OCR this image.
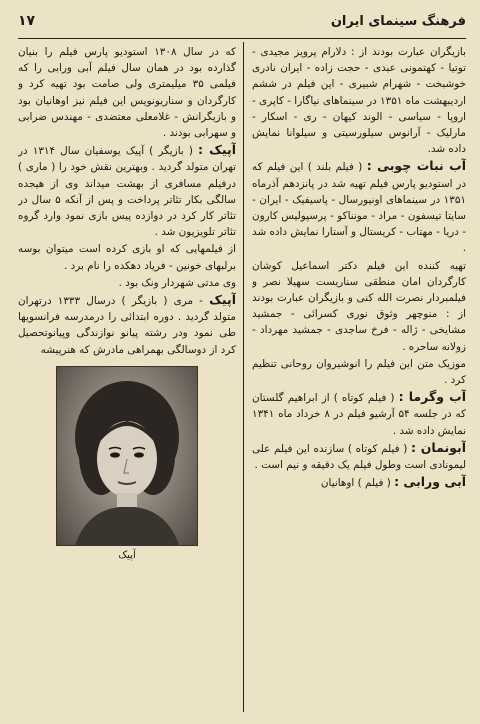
فرهنگ سینمای ایران
۱۷

بازیگران عبارت بودند از : دلارام پرویز مجیدی - توتیا - کهتمونی عبدی - حجت زاده - ایران نادری خوشبخت - شهرام شبیری - این فیلم در ششم اردیبهشت ماه ۱۳۵۱ در سینماهای نیاگارا - کاپری - اروپا - سیاسی - الوند کیهان - ری - اسکار - مارلیک - آرانوس سیلورسیتی و سیلوانا نمایش داده شد.

آب نبات چوبی : ( فیلم بلند ) این فیلم که در استودیو پارس فیلم تهیه شد در پانزدهم آذرماه ۱۳۵۱ در سینماهای اونیورسال - پاسیفیک - ایران - سایتا تیسفون - مراد - مونناکو - پرسپولیس کارون - دریا - مهتاب - کریستال و آستارا نمایش داده شد .

تهیه کننده این فیلم دکتر اسماعیل کوشان کارگردان امان منطقی سناریست سهیلا نصر و فیلمبردار نصرت الله کنی و بازیگران عبارت بودند از : منوچهر وثوق نوری کسرائی - جمشید مشایخی - ژاله - فرخ ساجدی - جمشید مهرداد - زولانه ساحره .

موزیک متن این فیلم را انوشیروان روحانی تنظیم کرد .

آب وگرما : ( فیلم کوتاه ) از ابراهیم گلستان که در جلسه ۵۴ آرشیو فیلم در ۸ خرداد ماه ۱۳۴۱ نمایش داده شد .

آبونمان : ( فیلم کوتاه ) سازنده این فیلم علی لیمونادی است وطول فیلم یک دقیقه و نیم است .

آبی ورابی : ( فیلم ) اوهانیان

که در سال ۱۳۰۸ استودیو پارس فیلم را بنیان گذارده بود در همان سال فیلم آبی ورابی را که فیلمی ۳۵ میلیمتری ولی صامت بود تهیه کرد و کارگردان و سناریونویس این فیلم نیز اوهانیان بود و بازیگرانش - غلامعلی معتضدی - مهندس ضرابی و سهرابی بودند .

آپیک : ( بازیگر ) آپیک یوسفیان سال ۱۳۱۴ در تهران متولد گردید . وبهترین نقش خود را ( ماری ) درفیلم مسافری از بهشت میداند وی از هیجده سالگی بکار تئاتر پرداخت و پس از آنکه ۵ سال در تئاتر کار کرد در دوازده پیس بازی نمود وارد گروه تئاتر تلویزیون شد .

از فیلمهایی که او بازی کرده است میتوان بوسه برلبهای خونین - فریاد دهکده را نام برد .

وی مدتی شهردار ونک بود .

آپیک - مری ( بازیگر ) درسال ۱۳۳۳ درتهران متولد گردید . دوره ابتدائی را درمدرسه فرانسویها طی نمود ودر رشته پیانو نوازندگی وپیانوتحصیل کرد از دوسالگی بهمراهی مادرش که هنرپیشه

آپیک
